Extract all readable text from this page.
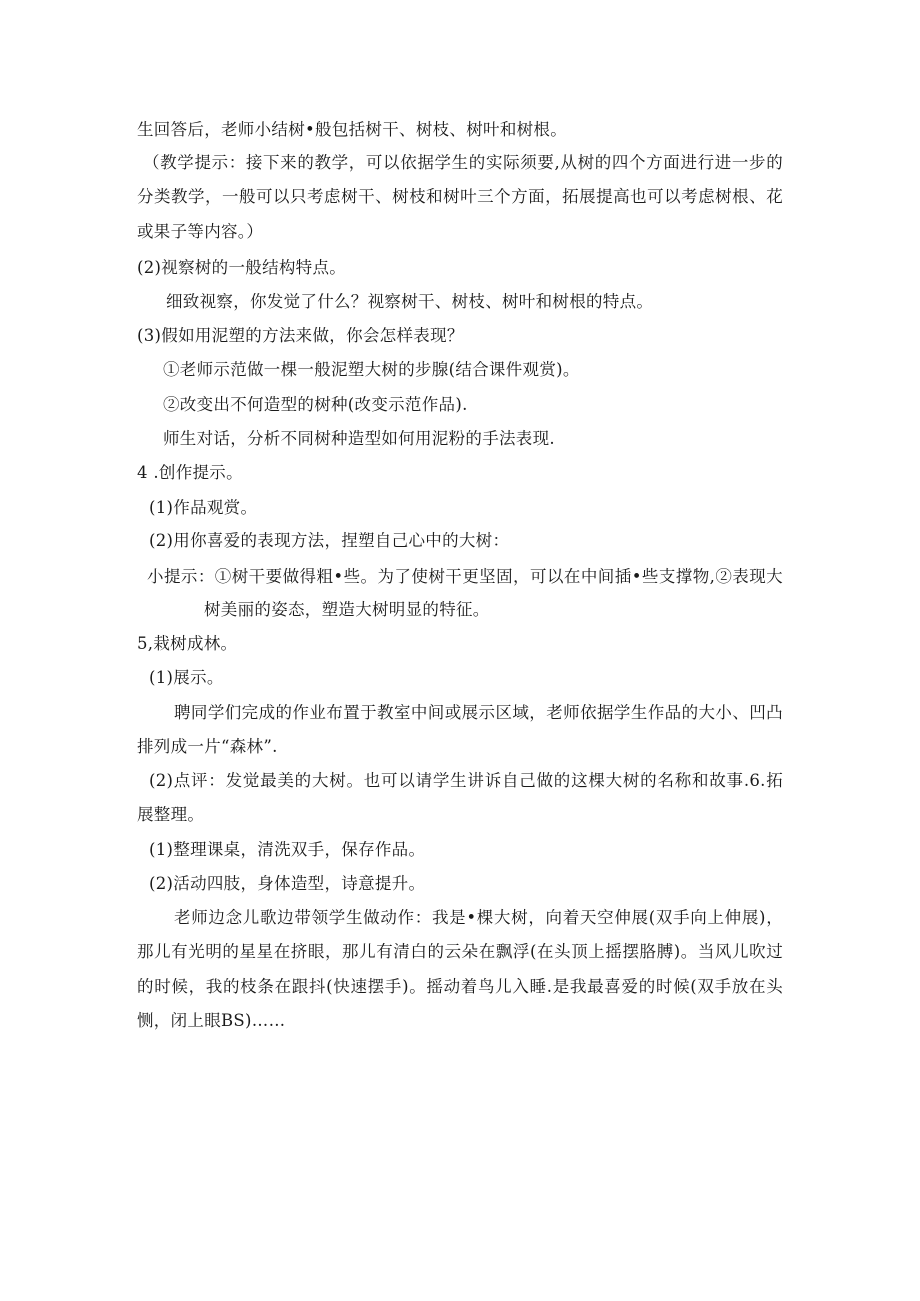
生回答后，老师小结树•般包括树干、树枝、树叶和树根。
（教学提示：接下来的教学，可以依据学生的实际须要,从树的四个方面进行进一步的
分类教学，一般可以只考虑树干、树枝和树叶三个方面，拓展提高也可以考虑树根、花
或果子等内容。）
(2)视察树的一般结构特点。
细致视察，你发觉了什么？视察树干、树枝、树叶和树根的特点。
(3)假如用泥塑的方法来做，你会怎样表现？
①老师示范做一棵一般泥塑大树的步腺(结合课件观赏)。
②改变出不何造型的树种(改变示范作品).
师生对话，分析不同树种造型如何用泥粉的手法表现.
4 .创作提示。
(1)作品观赏。
(2)用你喜爱的表现方法，捏塑自己心中的大树：
小提示：①树干要做得粗•些。为了使树干更坚固，可以在中间插•些支撑物,②表现大
树美丽的姿态，塑造大树明显的特征。
5,栽树成林。
(1)展示。
聘同学们完成的作业布置于教室中间或展示区域，老师依据学生作品的大小、凹凸
排列成一片“森林”.
(2)点评：发觉最美的大树。也可以请学生讲诉自己做的这棵大树的名称和故事.6.拓
展整理。
(1)整理课桌，清洗双手，保存作品。
(2)活动四肢，身体造型，诗意提升。
老师边念儿歌边带领学生做动作：我是•棵大树，向着天空伸展(双手向上伸展)，
那儿有光明的星星在挤眼，那儿有清白的云朵在飘浮(在头顶上摇摆胳膊)。当风儿吹过
的时候，我的枝条在跟抖(快速摆手)。摇动着鸟儿入睡.是我最喜爱的时候(双手放在头
恻，闭上眼BS)……
